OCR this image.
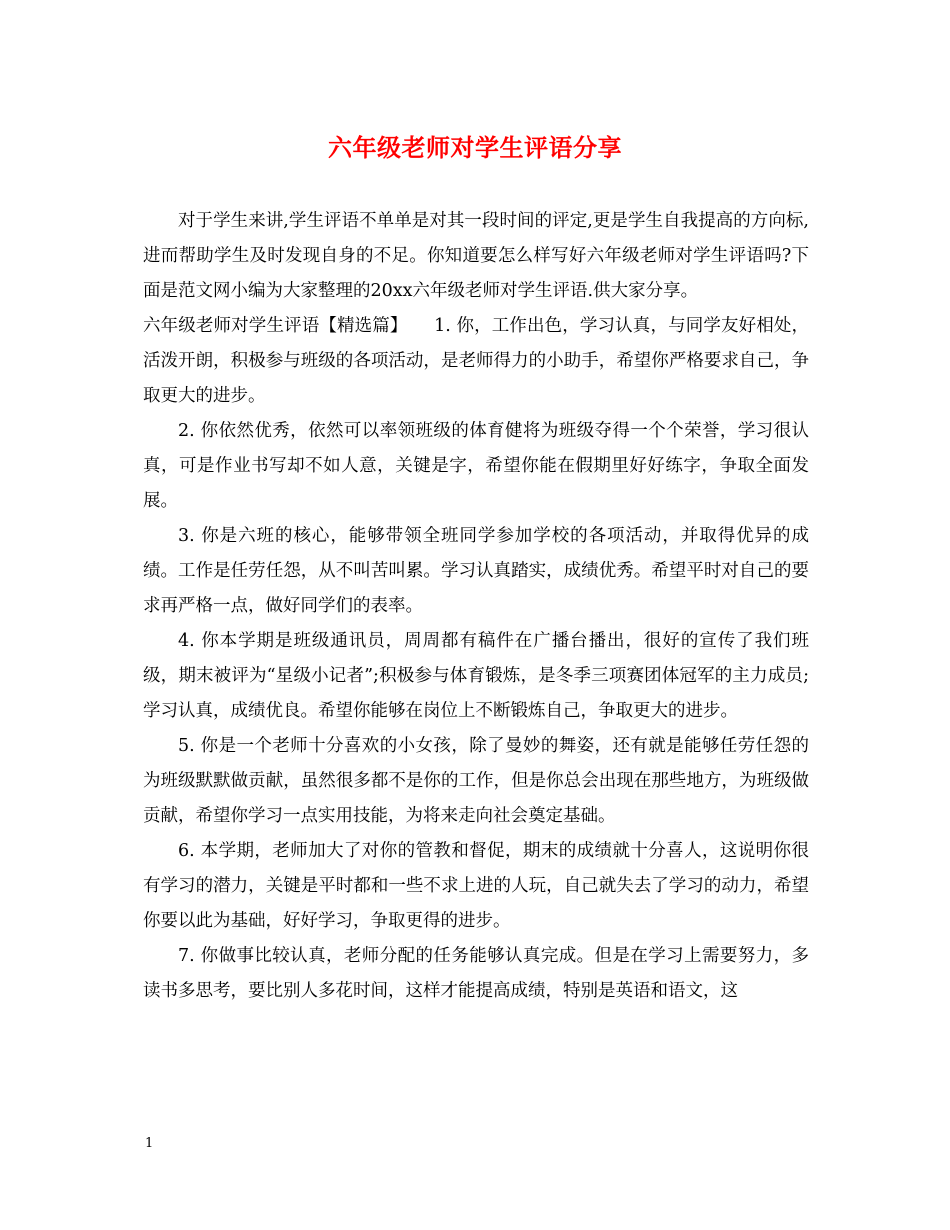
六年级老师对学生评语分享

对于学生来讲,学生评语不单单是对其一段时间的评定,更是学生自我提高的方向标,进而帮助学生及时发现自身的不足。你知道要怎么样写好六年级老师对学生评语吗?下面是范文网小编为大家整理的20xx六年级老师对学生评语.供大家分享。

六年级老师对学生评语【精选篇】　　 1. 你，工作出色，学习认真，与同学友好相处，活泼开朗，积极参与班级的各项活动，是老师得力的小助手，希望你严格要求自己，争取更大的进步。

2. 你依然优秀，依然可以率领班级的体育健将为班级夺得一个个荣誉，学习很认真，可是作业书写却不如人意，关键是字，希望你能在假期里好好练字，争取全面发展。

3. 你是六班的核心，能够带领全班同学参加学校的各项活动，并取得优异的成绩。工作是任劳任怨，从不叫苦叫累。学习认真踏实，成绩优秀。希望平时对自己的要求再严格一点，做好同学们的表率。

4. 你本学期是班级通讯员，周周都有稿件在广播台播出，很好的宣传了我们班级，期末被评为“星级小记者”;积极参与体育锻炼，是冬季三项赛团体冠军的主力成员;学习认真，成绩优良。希望你能够在岗位上不断锻炼自己，争取更大的进步。

5. 你是一个老师十分喜欢的小女孩，除了曼妙的舞姿，还有就是能够任劳任怨的为班级默默做贡献，虽然很多都不是你的工作，但是你总会出现在那些地方，为班级做贡献，希望你学习一点实用技能，为将来走向社会奠定基础。

6. 本学期，老师加大了对你的管教和督促，期末的成绩就十分喜人，这说明你很有学习的潜力，关键是平时都和一些不求上进的人玩，自己就失去了学习的动力，希望你要以此为基础，好好学习，争取更得的进步。

7. 你做事比较认真，老师分配的任务能够认真完成。但是在学习上需要努力，多读书多思考，要比别人多花时间，这样才能提高成绩，特别是英语和语文，这

1
